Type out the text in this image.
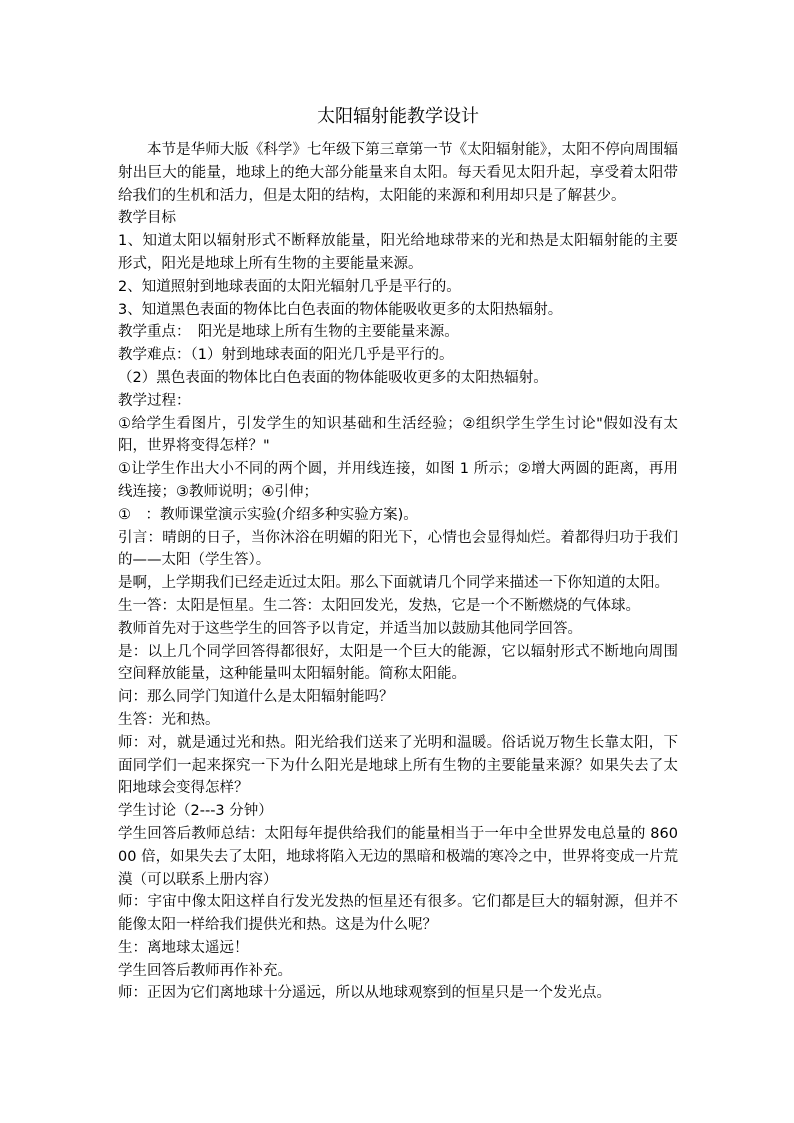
太阳辐射能教学设计

本节是华师大版《科学》七年级下第三章第一节《太阳辐射能》，太阳不停向周围辐射出巨大的能量，地球上的绝大部分能量来自太阳。每天看见太阳升起，享受着太阳带给我们的生机和活力，但是太阳的结构，太阳能的来源和利用却只是了解甚少。

教学目标

1、知道太阳以辐射形式不断释放能量，阳光给地球带来的光和热是太阳辐射能的主要形式，阳光是地球上所有生物的主要能量来源。

2、知道照射到地球表面的太阳光辐射几乎是平行的。

3、知道黑色表面的物体比白色表面的物体能吸收更多的太阳热辐射。

教学重点：　阳光是地球上所有生物的主要能量来源。

教学难点：（1）射到地球表面的阳光几乎是平行的。

（2）黑色表面的物体比白色表面的物体能吸收更多的太阳热辐射。

教学过程：

①给学生看图片，引发学生的知识基础和生活经验；②组织学生学生讨论"假如没有太阳，世界将变得怎样？"

①让学生作出大小不同的两个圆，并用线连接，如图 1 所示；②增大两圆的距离，再用线连接；③教师说明；④引伸；

①　：教师课堂演示实验(介绍多种实验方案)。

引言：晴朗的日子，当你沐浴在明媚的阳光下，心情也会显得灿烂。着都得归功于我们的——太阳（学生答）。

是啊，上学期我们已经走近过太阳。那么下面就请几个同学来描述一下你知道的太阳。

生一答：太阳是恒星。生二答：太阳回发光，发热，它是一个不断燃烧的气体球。

教师首先对于这些学生的回答予以肯定，并适当加以鼓励其他同学回答。

是：以上几个同学回答得都很好，太阳是一个巨大的能源，它以辐射形式不断地向周围空间释放能量，这种能量叫太阳辐射能。简称太阳能。

问：那么同学门知道什么是太阳辐射能吗？

生答：光和热。

师：对，就是通过光和热。阳光给我们送来了光明和温暖。俗话说万物生长靠太阳，下面同学们一起来探究一下为什么阳光是地球上所有生物的主要能量来源？如果失去了太阳地球会变得怎样？

学生讨论（2---3 分钟）

学生回答后教师总结：太阳每年提供给我们的能量相当于一年中全世界发电总量的 86000 倍，如果失去了太阳，地球将陷入无边的黑暗和极端的寒冷之中，世界将变成一片荒漠（可以联系上册内容）

师：宇宙中像太阳这样自行发光发热的恒星还有很多。它们都是巨大的辐射源，但并不能像太阳一样给我们提供光和热。这是为什么呢？

生：离地球太遥远！

学生回答后教师再作补充。

师：正因为它们离地球十分遥远，所以从地球观察到的恒星只是一个发光点。
